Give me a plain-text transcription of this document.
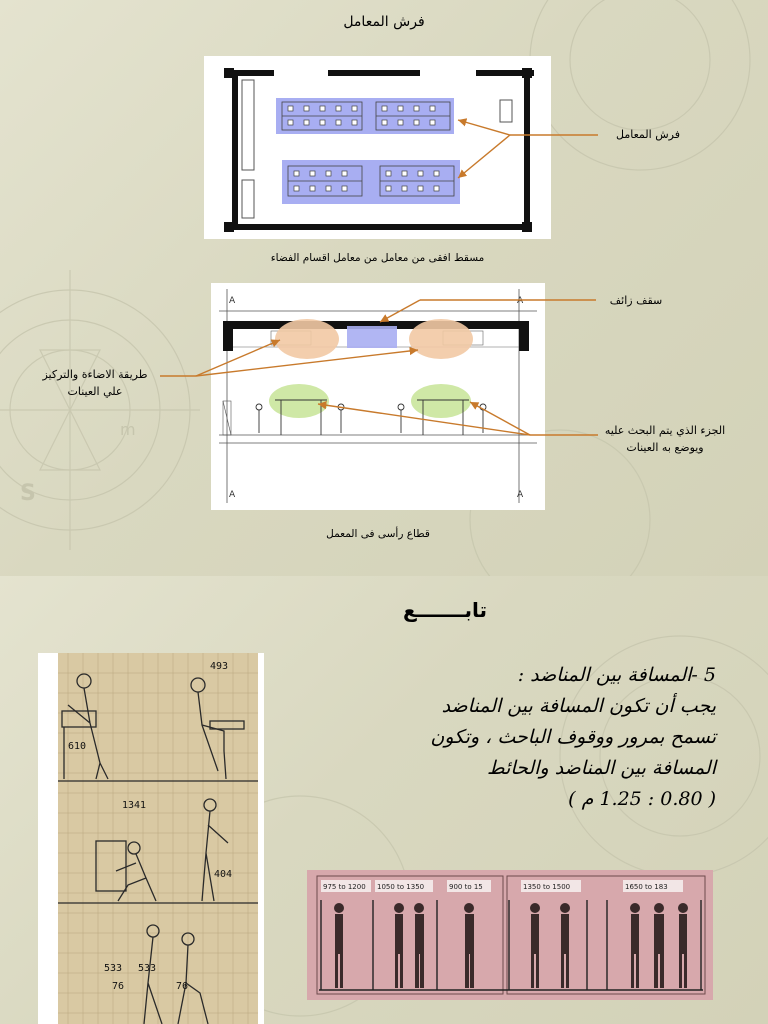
S
m
فرش المعامل
مسقط افقى من معامل من معامل اقسام الفضاء
A	A
A	A
قطاع رأسى فى المعمل
فرش المعامل
سقف زائف
طريقة الاضاءة والتركيز
علي العينات
الجزء الذي يتم البحث عليه
ويوضع به العينات
تابـــــــع
5 -المسافة بين المناضد :
يجب أن تكون المسافة بين المناضد
تسمح بمرور ووقوف الباحث ، وتكون
المسافة بين المناضد والحائط
( 0.80 : 1.25 م )
493
610
1341
404
533 533
76	76
975 to 1200 1050 to 1350	900 to 15	1350 to 1500	1650 to 183
